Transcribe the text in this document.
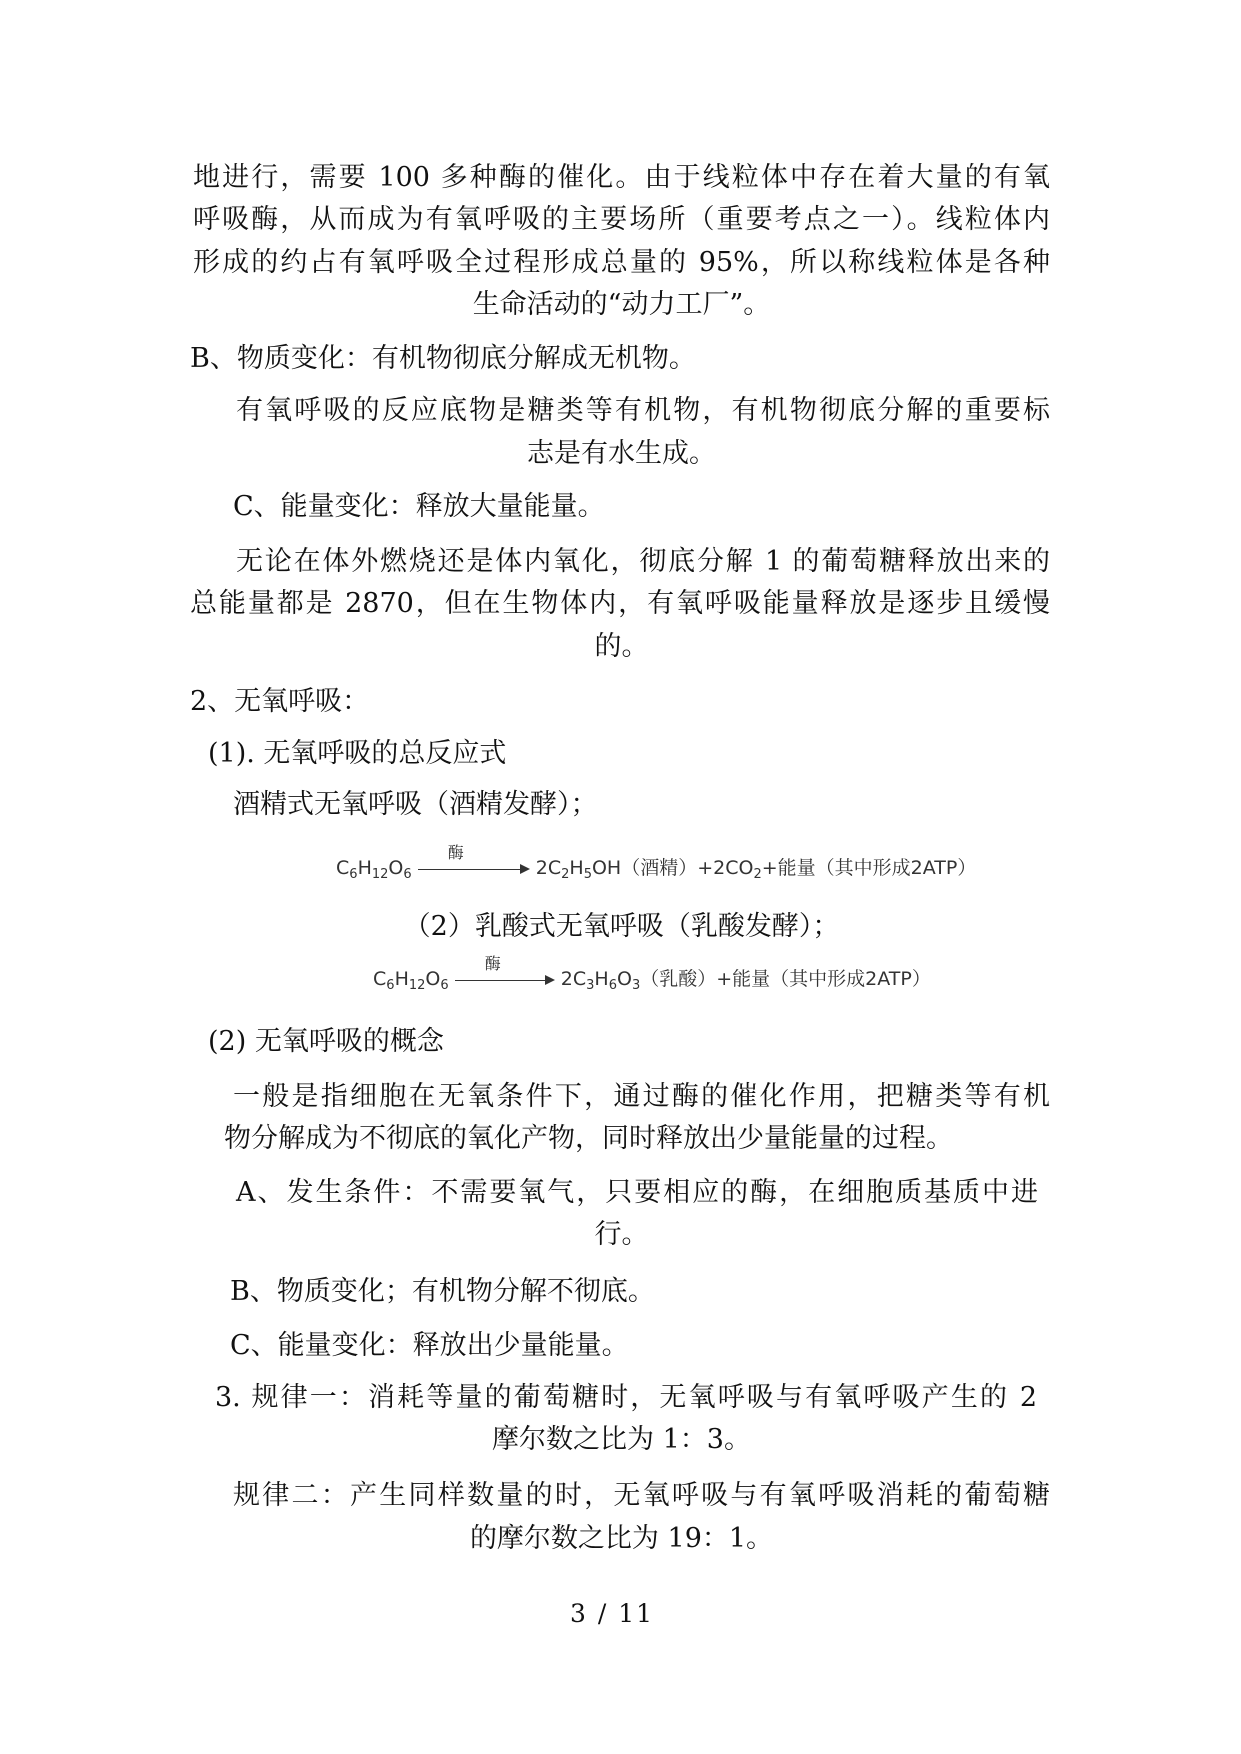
地进行，需要 100 多种酶的催化。由于线粒体中存在着大量的有氧
呼吸酶，从而成为有氧呼吸的主要场所（重要考点之一）。线粒体内
形成的约占有氧呼吸全过程形成总量的 95%，所以称线粒体是各种
生命活动的“动力工厂”。
B、物质变化：有机物彻底分解成无机物。
有氧呼吸的反应底物是糖类等有机物，有机物彻底分解的重要标
志是有水生成。
C、能量变化：释放大量能量。
无论在体外燃烧还是体内氧化，彻底分解 1 的葡萄糖释放出来的
总能量都是 2870，但在生物体内，有氧呼吸能量释放是逐步且缓慢
的。
2、无氧呼吸：
(1). 无氧呼吸的总反应式
酒精式无氧呼吸（酒精发酵）；
$C_6H_{12}O_6$
酶
$2C_2H_5OH$（酒精）$+2CO_2+$能量（其中形成2ATP）
（2）乳酸式无氧呼吸（乳酸发酵）；
$C_6H_{12}O_6$
酶
$2C_3H_6O_3$（乳酸）+能量（其中形成2ATP）
(2) 无氧呼吸的概念
一般是指细胞在无氧条件下，通过酶的催化作用，把糖类等有机
物分解成为不彻底的氧化产物，同时释放出少量能量的过程。
A、发生条件：不需要氧气，只要相应的酶，在细胞质基质中进
行。
B、物质变化；有机物分解不彻底。
C、能量变化：释放出少量能量。
3. 规律一：消耗等量的葡萄糖时，无氧呼吸与有氧呼吸产生的 2
摩尔数之比为 1：3。
规律二：产生同样数量的时，无氧呼吸与有氧呼吸消耗的葡萄糖
的摩尔数之比为 19：1。
3 / 11
